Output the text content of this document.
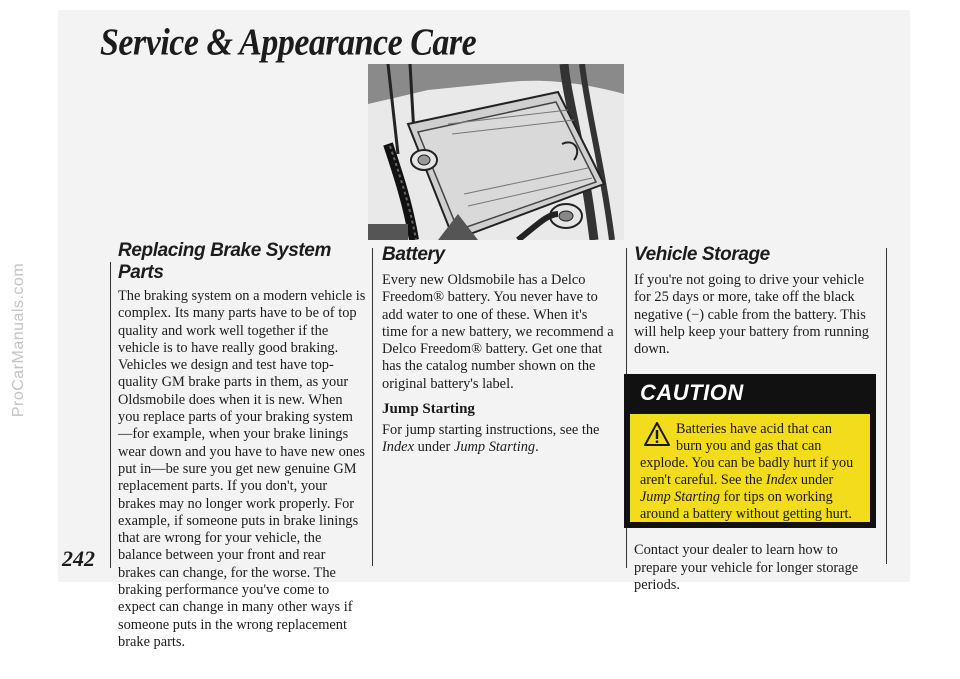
ProCarManuals.com
Service & Appearance Care
Replacing Brake System Parts

The braking system on a modern vehicle is complex. Its many parts have to be of top quality and work well together if the vehicle is to have really good braking. Vehicles we design and test have top-quality GM brake parts in them, as your Oldsmobile does when it is new. When you replace parts of your braking system—for example, when your brake linings wear down and you have to have new ones put in—be sure you get new genuine GM replacement parts. If you don't, your brakes may no longer work properly. For example, if someone puts in brake linings that are wrong for your vehicle, the balance between your front and rear brakes can change, for the worse. The braking performance you've come to expect can change in many other ways if someone puts in the wrong replacement brake parts.

Battery

Every new Oldsmobile has a Delco Freedom® battery. You never have to add water to one of these. When it's time for a new battery, we recommend a Delco Freedom® battery. Get one that has the catalog number shown on the original battery's label.

Jump Starting

For jump starting instructions, see the Index under Jump Starting.

Vehicle Storage

If you're not going to drive your vehicle for 25 days or more, take off the black negative (−) cable from the battery. This will help keep your battery from running down.

CAUTION

Batteries have acid that can burn you and gas that can explode. You can be badly hurt if you aren't careful. See the Index under Jump Starting for tips on working around a battery without getting hurt.

Contact your dealer to learn how to prepare your vehicle for longer storage periods.

242
